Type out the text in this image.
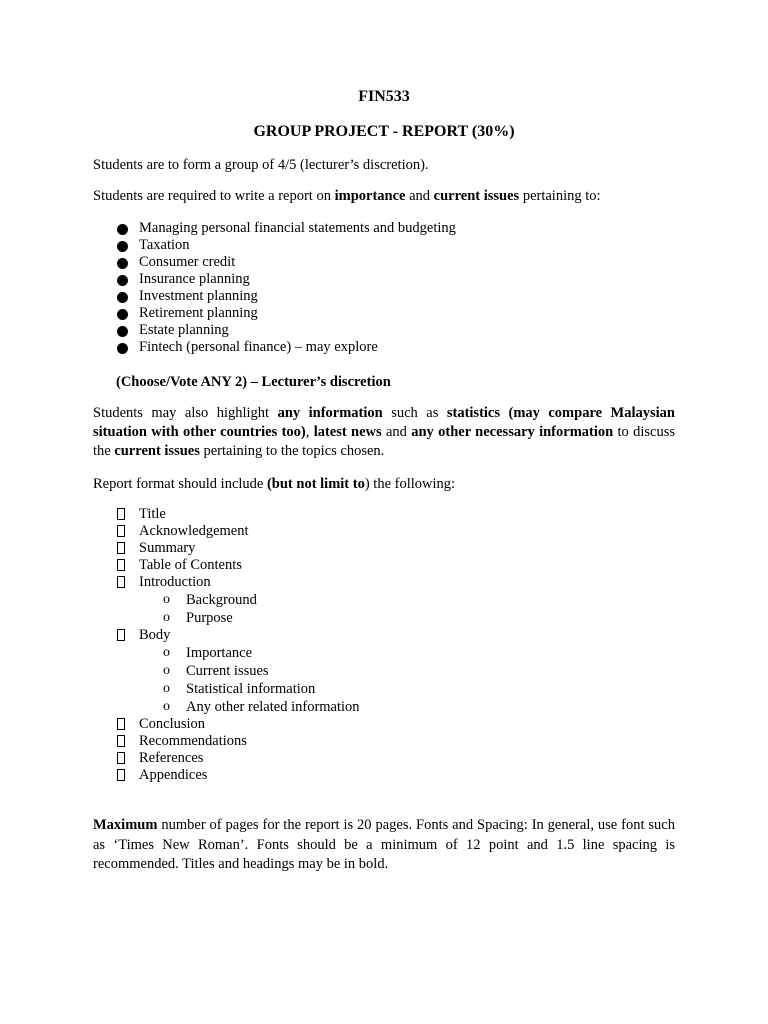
FIN533
GROUP PROJECT - REPORT (30%)
Students are to form a group of 4/5 (lecturer’s discretion).
Students are required to write a report on importance and current issues pertaining to:
Managing personal financial statements and budgeting
Taxation
Consumer credit
Insurance planning
Investment planning
Retirement planning
Estate planning
Fintech (personal finance) – may explore
(Choose/Vote ANY 2) – Lecturer’s discretion
Students may also highlight any information such as statistics (may compare Malaysian situation with other countries too), latest news and any other necessary information to discuss the current issues pertaining to the topics chosen.
Report format should include (but not limit to) the following:
Title
Acknowledgement
Summary
Table of Contents
Introduction
o Background
o Purpose
Body
o Importance
o Current issues
o Statistical information
o Any other related information
Conclusion
Recommendations
References
Appendices
Maximum number of pages for the report is 20 pages. Fonts and Spacing: In general, use font such as ‘Times New Roman’. Fonts should be a minimum of 12 point and 1.5 line spacing is recommended. Titles and headings may be in bold.
